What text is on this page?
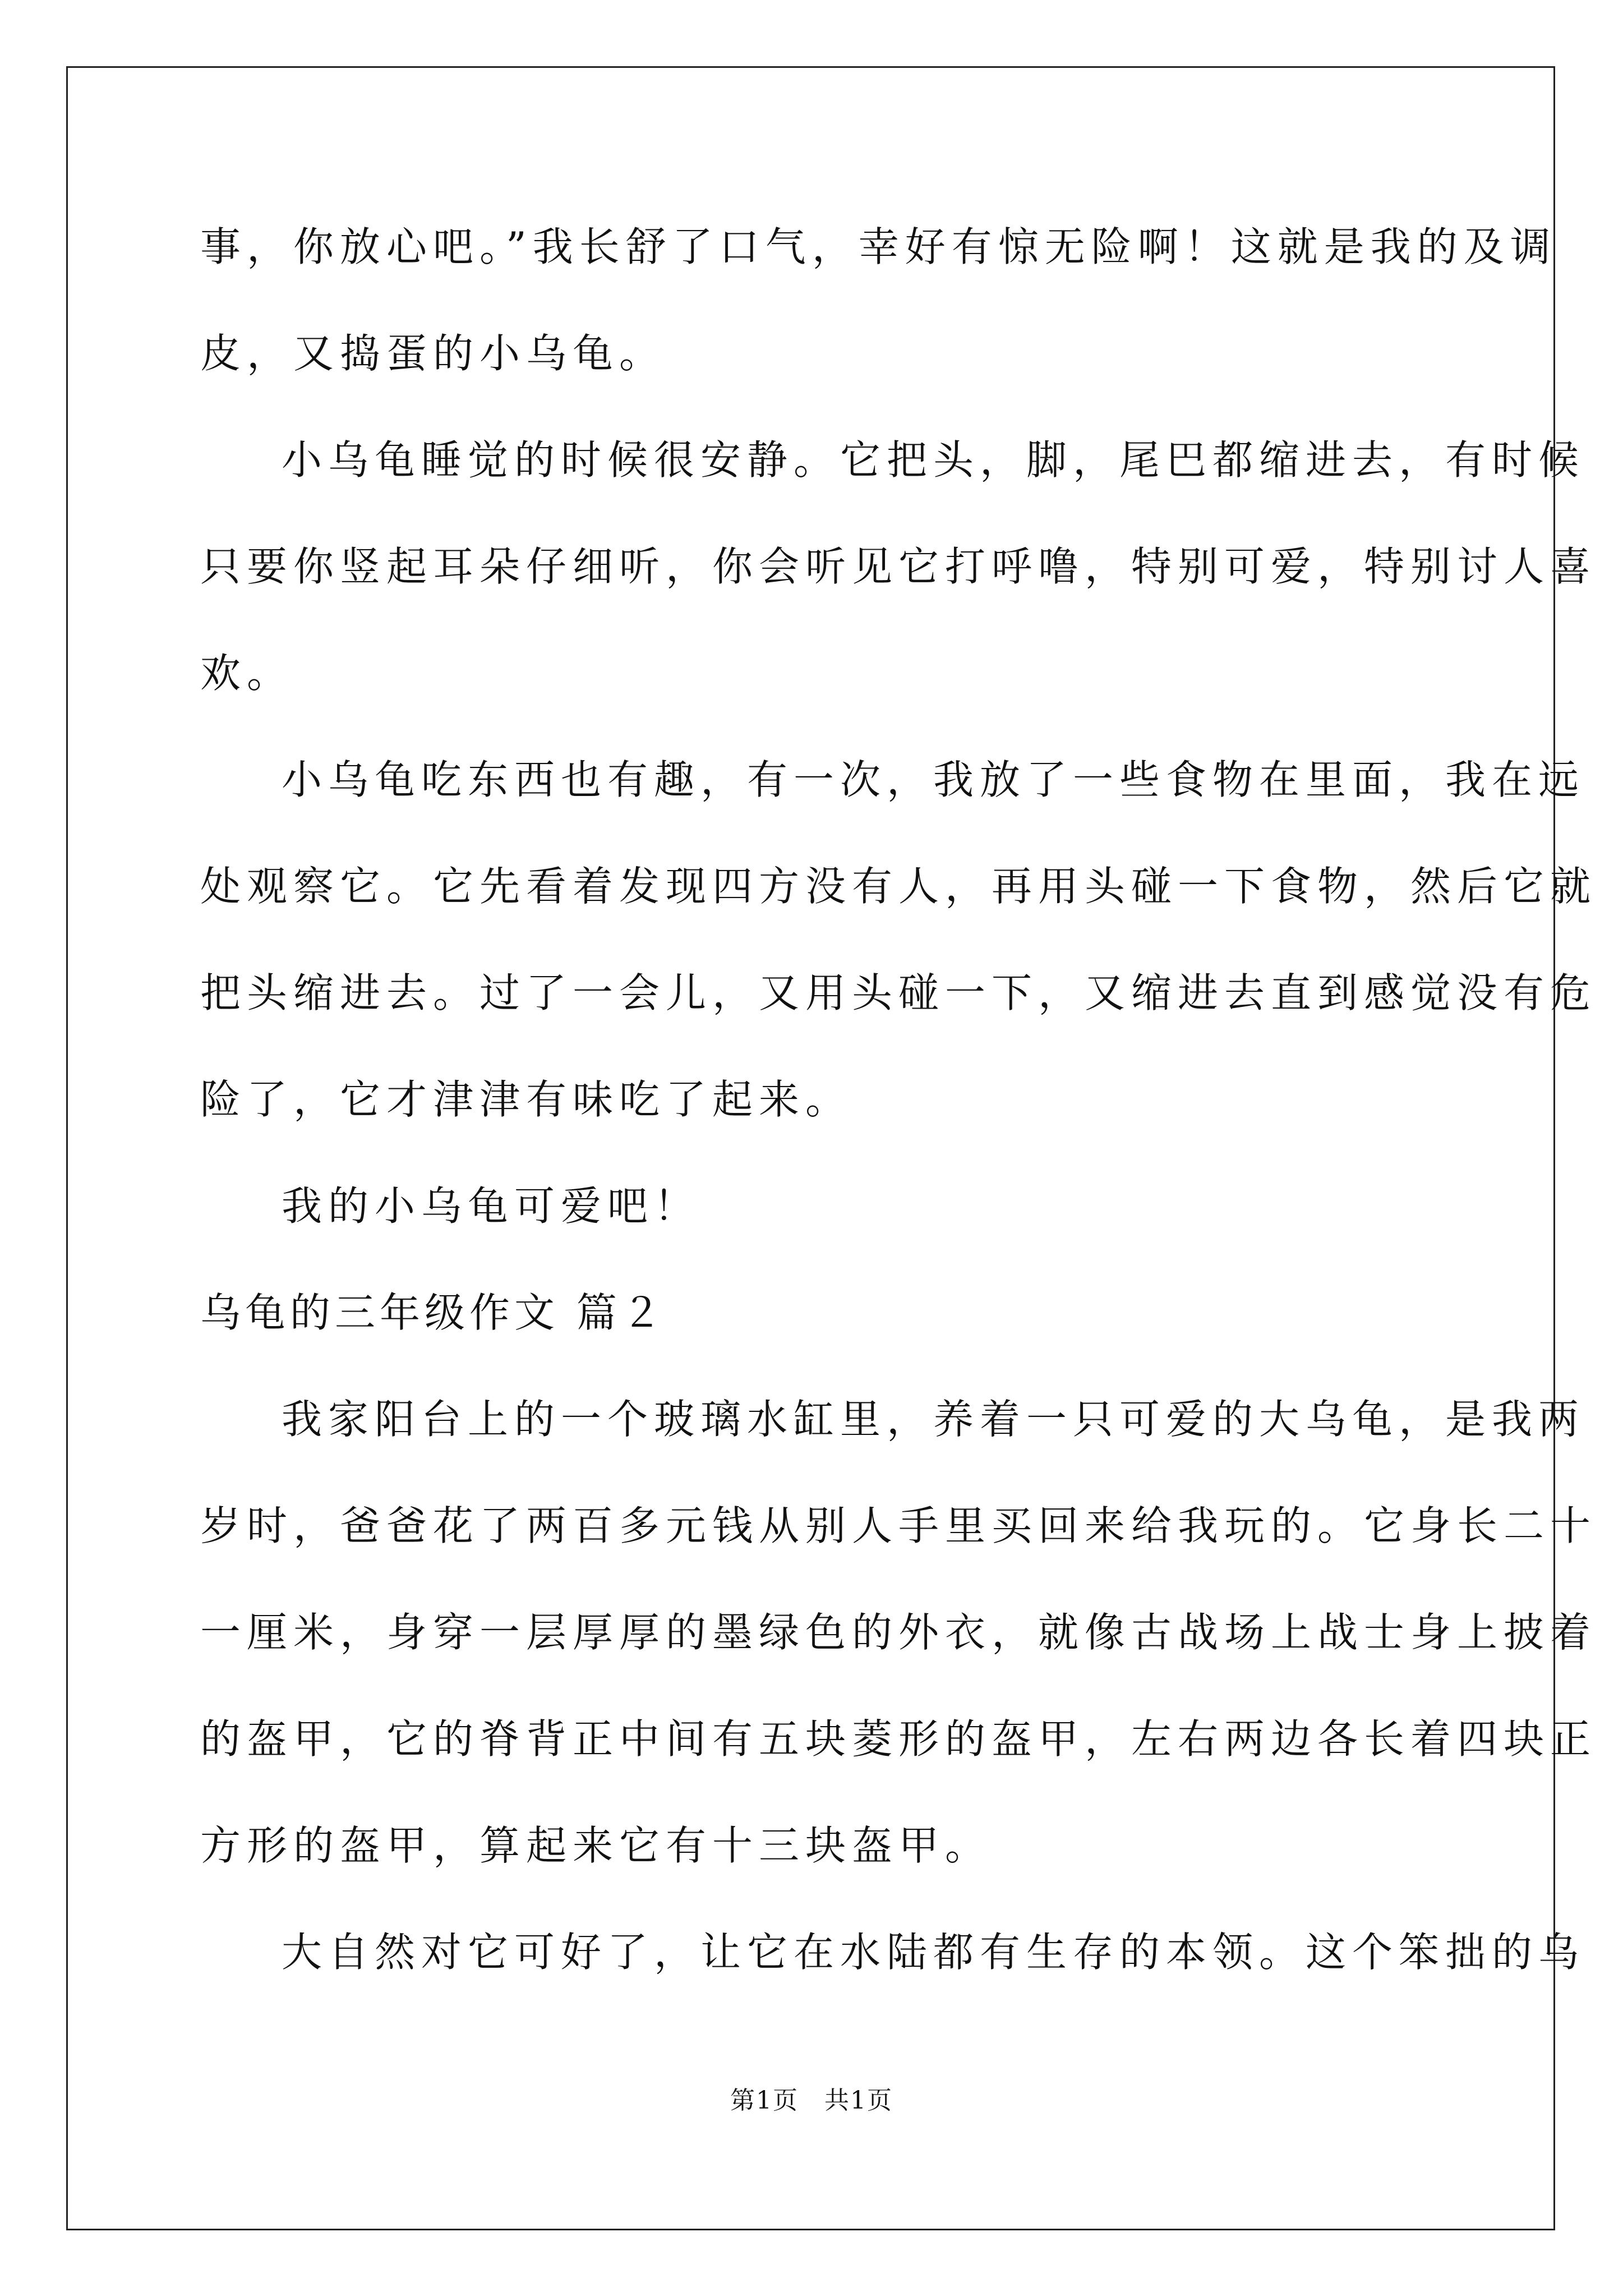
事，你放心吧。”我长舒了口气，幸好有惊无险啊！这就是我的及调
皮，又捣蛋的小乌龟。
小乌龟睡觉的时候很安静。它把头，脚，尾巴都缩进去，有时候
只要你竖起耳朵仔细听，你会听见它打呼噜，特别可爱，特别讨人喜
欢。
小乌龟吃东西也有趣，有一次，我放了一些食物在里面，我在远
处观察它。它先看着发现四方没有人，再用头碰一下食物，然后它就
把头缩进去。过了一会儿，又用头碰一下，又缩进去直到感觉没有危
险了，它才津津有味吃了起来。
我的小乌龟可爱吧！
乌龟的三年级作文 篇２
我家阳台上的一个玻璃水缸里，养着一只可爱的大乌龟，是我两
岁时，爸爸花了两百多元钱从别人手里买回来给我玩的。它身长二十
一厘米，身穿一层厚厚的墨绿色的外衣，就像古战场上战士身上披着
的盔甲，它的脊背正中间有五块菱形的盔甲，左右两边各长着四块正
方形的盔甲，算起来它有十三块盔甲。
大自然对它可好了，让它在水陆都有生存的本领。这个笨拙的乌
第1页　共1页
